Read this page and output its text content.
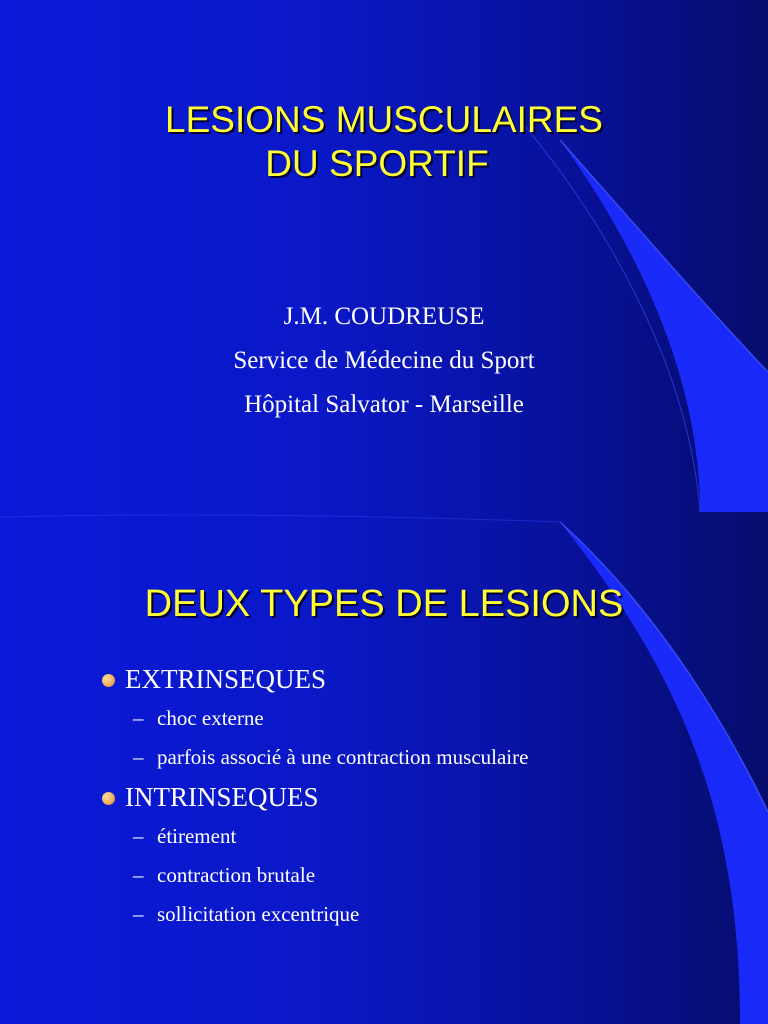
LESIONS MUSCULAIRES
DU SPORTIF
J.M. COUDREUSE
Service de Médecine du Sport
Hôpital Salvator - Marseille
DEUX TYPES DE LESIONS
EXTRINSEQUES
– choc externe
– parfois associé à une contraction musculaire
INTRINSEQUES
– étirement
– contraction brutale
– sollicitation excentrique
